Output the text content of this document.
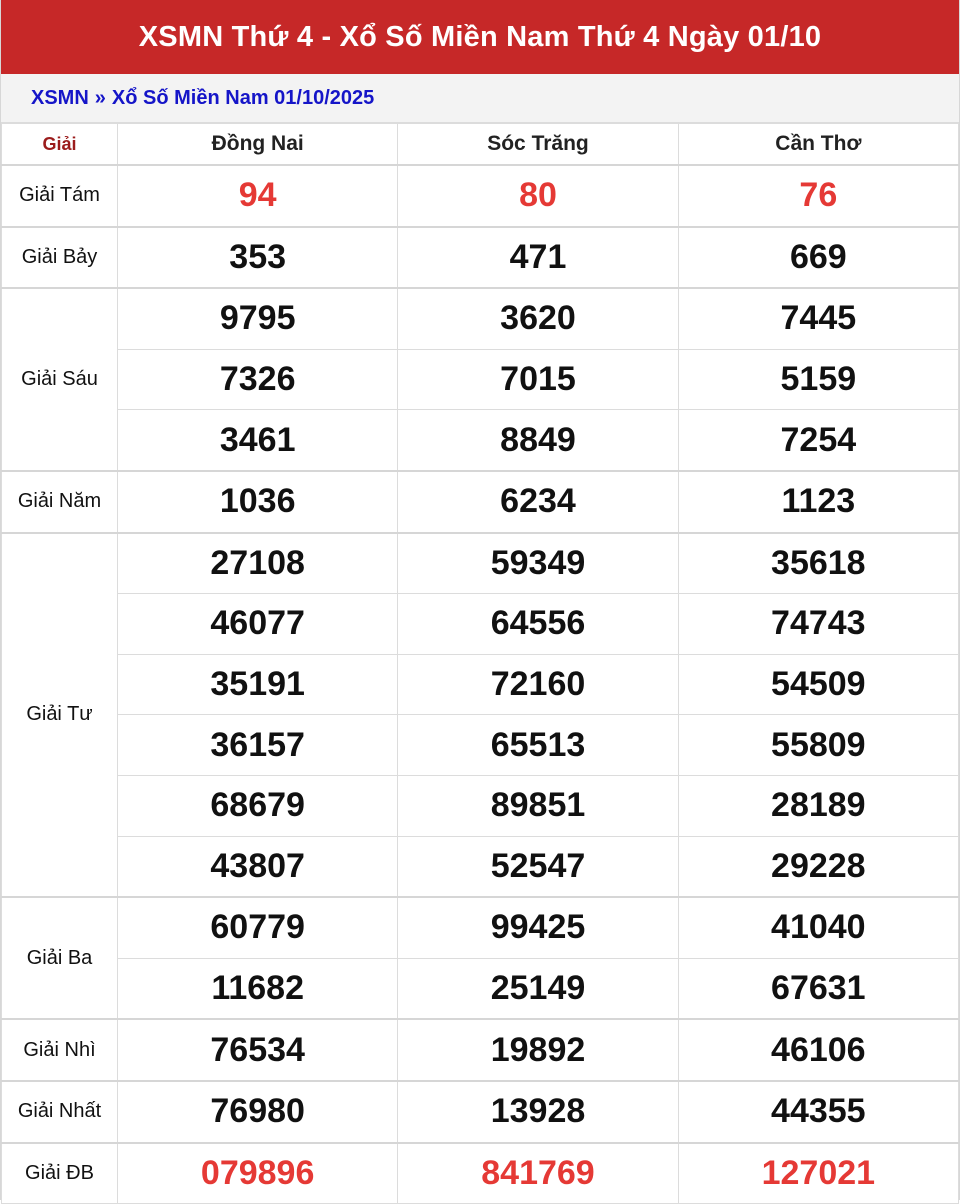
XSMN Thứ 4 - Xổ Số Miền Nam Thứ 4 Ngày 01/10
XSMN » Xổ Số Miền Nam 01/10/2025
Giải	Đồng Nai	Sóc Trăng	Cần Thơ
Giải Tám	94	80	76
Giải Bảy	353	471	669
Giải Sáu	9795	3620	7445
	7326	7015	5159
	3461	8849	7254
Giải Năm	1036	6234	1123
Giải Tư	27108	59349	35618
	46077	64556	74743
	35191	72160	54509
	36157	65513	55809
	68679	89851	28189
	43807	52547	29228
Giải Ba	60779	99425	41040
	11682	25149	67631
Giải Nhì	76534	19892	46106
Giải Nhất	76980	13928	44355
Giải ĐB	079896	841769	127021
